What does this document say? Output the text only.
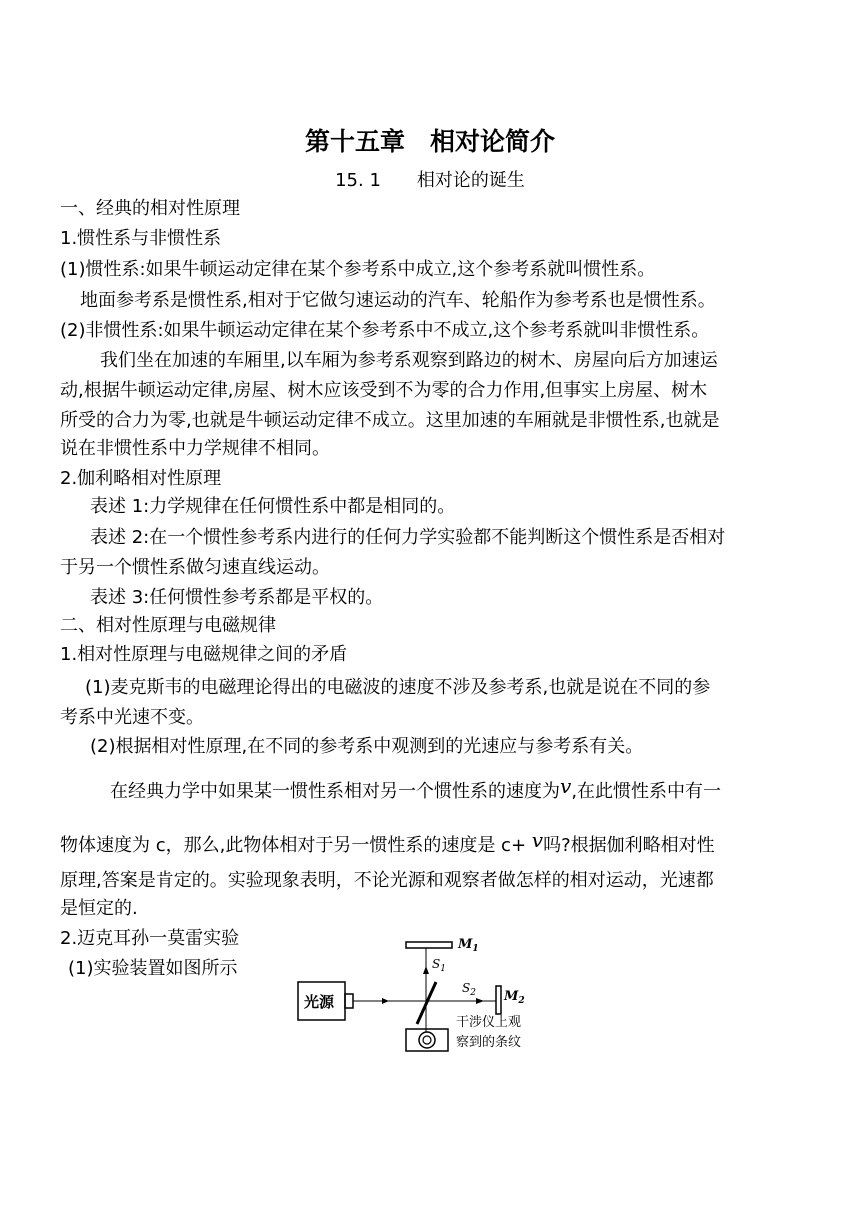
第十五章　相对论简介
15. 1　　相对论的诞生
一、经典的相对性原理
1.惯性系与非惯性系
(1)惯性系:如果牛顿运动定律在某个参考系中成立,这个参考系就叫惯性系。
地面参考系是惯性系,相对于它做匀速运动的汽车、轮船作为参考系也是惯性系。
(2)非惯性系:如果牛顿运动定律在某个参考系中不成立,这个参考系就叫非惯性系。
我们坐在加速的车厢里,以车厢为参考系观察到路边的树木、房屋向后方加速运
动,根据牛顿运动定律,房屋、树木应该受到不为零的合力作用,但事实上房屋、树木
所受的合力为零,也就是牛顿运动定律不成立。这里加速的车厢就是非惯性系,也就是
说在非惯性系中力学规律不相同。
2.伽利略相对性原理
表述 1:力学规律在任何惯性系中都是相同的。
表述 2:在一个惯性参考系内进行的任何力学实验都不能判断这个惯性系是否相对
于另一个惯性系做匀速直线运动。
表述 3:任何惯性参考系都是平权的。
二、相对性原理与电磁规律
1.相对性原理与电磁规律之间的矛盾
(1)麦克斯韦的电磁理论得出的电磁波的速度不涉及参考系,也就是说在不同的参
考系中光速不变。
(2)根据相对性原理,在不同的参考系中观测到的光速应与参考系有关。
在经典力学中如果某一惯性系相对另一个惯性系的速度为v,在此惯性系中有一
物体速度为 c，那么,此物体相对于另一惯性系的速度是 c+ v吗?根据伽利略相对性
原理,答案是肯定的。实验现象表明，不论光源和观察者做怎样的相对运动，光速都
是恒定的.
2.迈克耳孙一莫雷实验
(1)实验装置如图所示
光源
$M_1$
$S_1$
$M_2$
$S_2$
干涉仪上观
察到的条纹
